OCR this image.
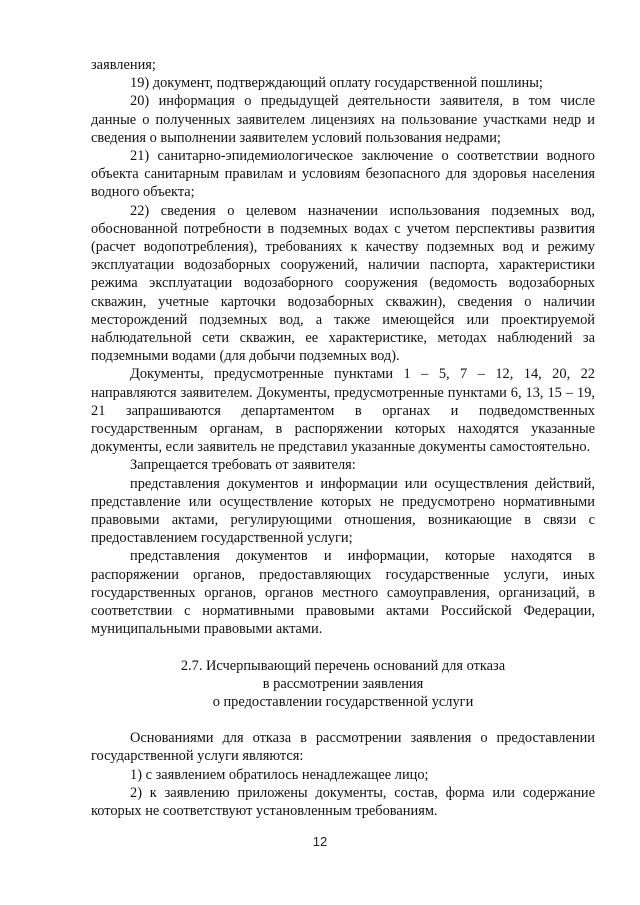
заявления;

19) документ, подтверждающий оплату государственной пошлины;

20) информация о предыдущей деятельности заявителя, в том числе данные о полученных заявителем лицензиях на пользование участками недр и сведения о выполнении заявителем условий пользования недрами;

21) санитарно-эпидемиологическое заключение о соответствии водного объекта санитарным правилам и условиям безопасного для здоровья населения водного объекта;

22) сведения о целевом назначении использования подземных вод, обоснованной потребности в подземных водах с учетом перспективы развития (расчет водопотребления), требованиях к качеству подземных вод и режиму эксплуатации водозаборных сооружений, наличии паспорта, характеристики режима эксплуатации водозаборного сооружения (ведомость водозаборных скважин, учетные карточки водозаборных скважин), сведения о наличии месторождений подземных вод, а также имеющейся или проектируемой наблюдательной сети скважин, ее характеристике, методах наблюдений за подземными водами (для добычи подземных вод).

Документы, предусмотренные пунктами 1 – 5, 7 – 12, 14, 20, 22 направляются заявителем. Документы, предусмотренные пунктами 6, 13, 15 – 19, 21 запрашиваются департаментом в органах и подведомственных государственным органам, в распоряжении которых находятся указанные документы, если заявитель не представил указанные документы самостоятельно.

Запрещается требовать от заявителя:

представления документов и информации или осуществления действий, представление или осуществление которых не предусмотрено нормативными правовыми актами, регулирующими отношения, возникающие в связи с предоставлением государственной услуги;

представления документов и информации, которые находятся в распоряжении органов, предоставляющих государственные услуги, иных государственных органов, органов местного самоуправления, организаций, в соответствии с нормативными правовыми актами Российской Федерации, муниципальными правовыми актами.

2.7. Исчерпывающий перечень оснований для отказа
в рассмотрении заявления
о предоставлении государственной услуги

Основаниями для отказа в рассмотрении заявления о предоставлении государственной услуги являются:

1) с заявлением обратилось ненадлежащее лицо;

2) к заявлению приложены документы, состав, форма или содержание которых не соответствуют установленным требованиям.

12
